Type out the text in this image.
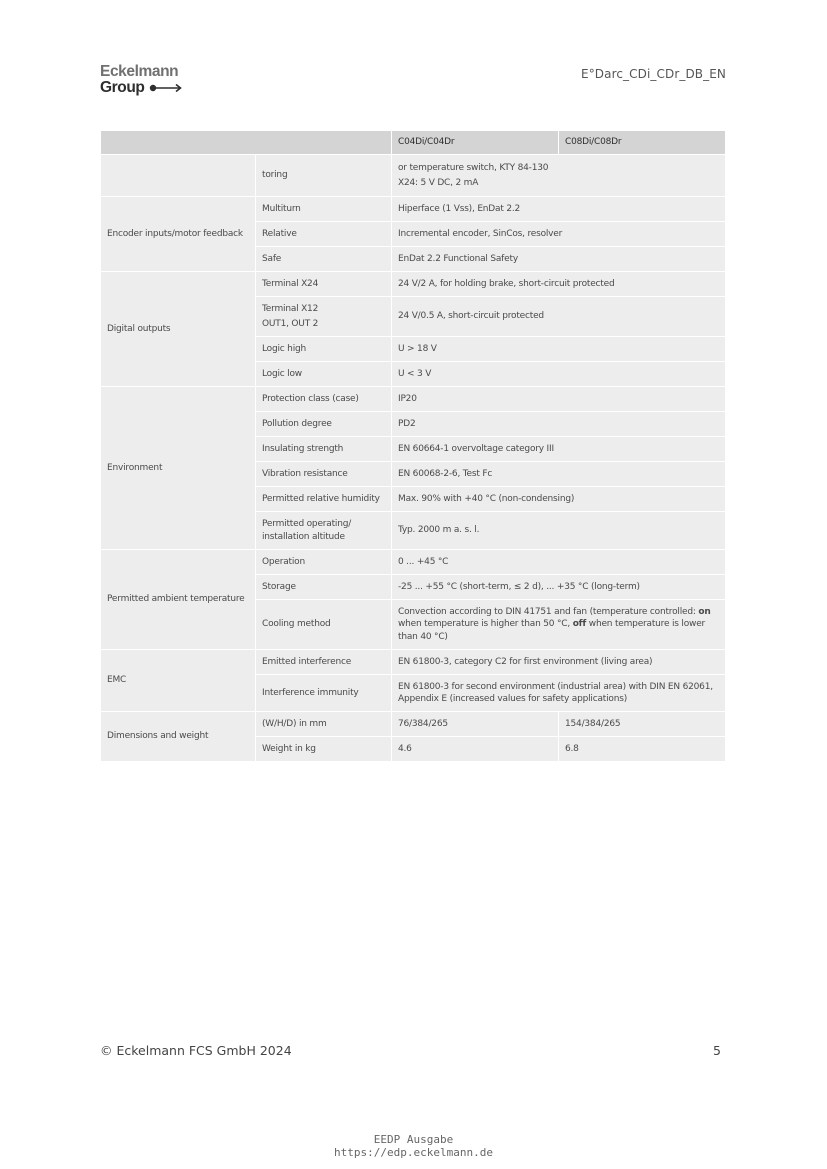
Eckelmann
Group
E°Darc_CDi_CDr_DB_EN
		C04Di/C04Dr	C08Di/C08Dr
	toring	or temperature switch, KTY 84-130
X24: 5 V DC, 2 mA	

Encoder inputs/motor feedback	Multiturn	Hiperface (1 Vss), EnDat 2.2	
	Relative	Incremental encoder, SinCos, resolver	
	Safe	EnDat 2.2 Functional Safety	
Digital outputs	Terminal X24	24 V/2 A, for holding brake, short-circuit protected	

	Terminal X12
OUT1, OUT 2	24 V/0.5 A, short-circuit protected	
	Logic high	U > 18 V	
	Logic low	U < 3 V	
Environment	Protection class (case)	IP20	
	Pollution degree	PD2	
	Insulating strength	EN 60664-1 overvoltage category III	
	Vibration resistance	EN 60068-2-6, Test Fc	
	Permitted relative humidity	Max. 90% with +40 °C (non-condensing)	

	Permitted operating/
installation altitude	Typ. 2000 m a. s. l.	
Permitted ambient temperature	Operation	0 ... +45 °C	
	Storage	-25 ... +55 °C (short-term, ≤ 2 d), ... +35 °C (long-term)	
	Cooling method	Convection according to DIN 41751 and fan (temperature controlled: on when temperature is higher than 50 °C, off when temperature is lower than 40 °C)	
EMC	Emitted interference	EN 61800-3, category C2 for first environment (living area)	
	Interference immunity	EN 61800-3 for second environment (industrial area) with DIN EN 62061,
Appendix E (increased values for safety applications)	

Dimensions and weight	(W/H/D) in mm	76/384/265	154/384/265
	Weight in kg	4.6	6.8
© Eckelmann FCS GmbH 2024	5
EEDP Ausgabe
https://edp.eckelmann.de
